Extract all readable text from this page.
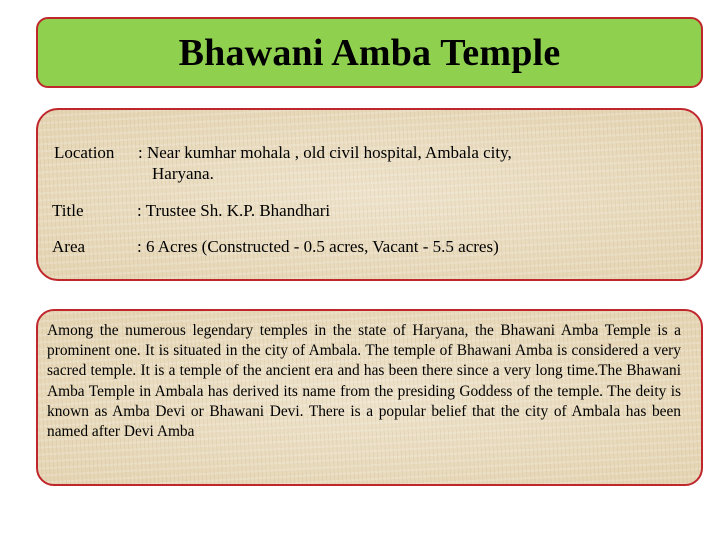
Bhawani Amba Temple
Location : Near kumhar mohala , old civil hospital, Ambala city,
Haryana.
Title	: Trustee Sh. K.P. Bhandhari
Area	: 6 Acres (Constructed - 0.5 acres, Vacant - 5.5 acres)

Among the numerous legendary temples in the state of Haryana, the Bhawani Amba Temple is a prominent one. It is situated in the city of Ambala. The temple of Bhawani Amba is considered a very sacred temple. It is a temple of the ancient era and has been there since a very long time.The Bhawani Amba Temple in Ambala has derived its name from the presiding Goddess of the temple. The deity is known as Amba Devi or Bhawani Devi. There is a popular belief that the city of Ambala has been named after Devi Amba
